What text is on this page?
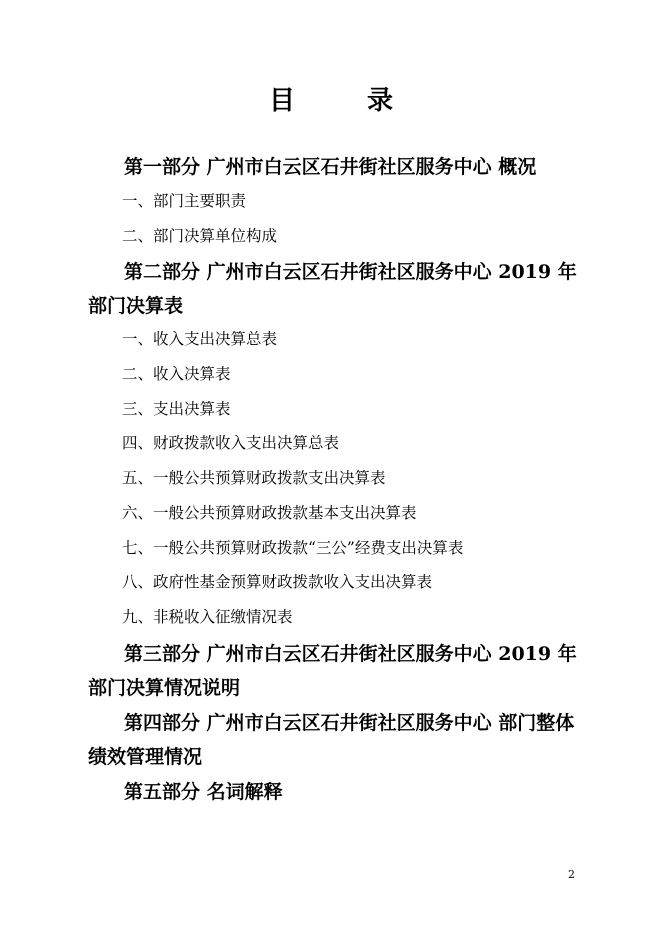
目	录
第一部分 广州市白云区石井街社区服务中心 概况
一、部门主要职责
二、部门决算单位构成
第二部分 广州市白云区石井街社区服务中心 2019 年部门决算表
一、收入支出决算总表
二、收入决算表
三、支出决算表
四、财政拨款收入支出决算总表
五、一般公共预算财政拨款支出决算表
六、一般公共预算财政拨款基本支出决算表
七、一般公共预算财政拨款“三公”经费支出决算表
八、政府性基金预算财政拨款收入支出决算表
九、非税收入征缴情况表
第三部分 广州市白云区石井街社区服务中心 2019 年部门决算情况说明
第四部分 广州市白云区石井街社区服务中心 部门整体绩效管理情况
第五部分 名词解释
2
